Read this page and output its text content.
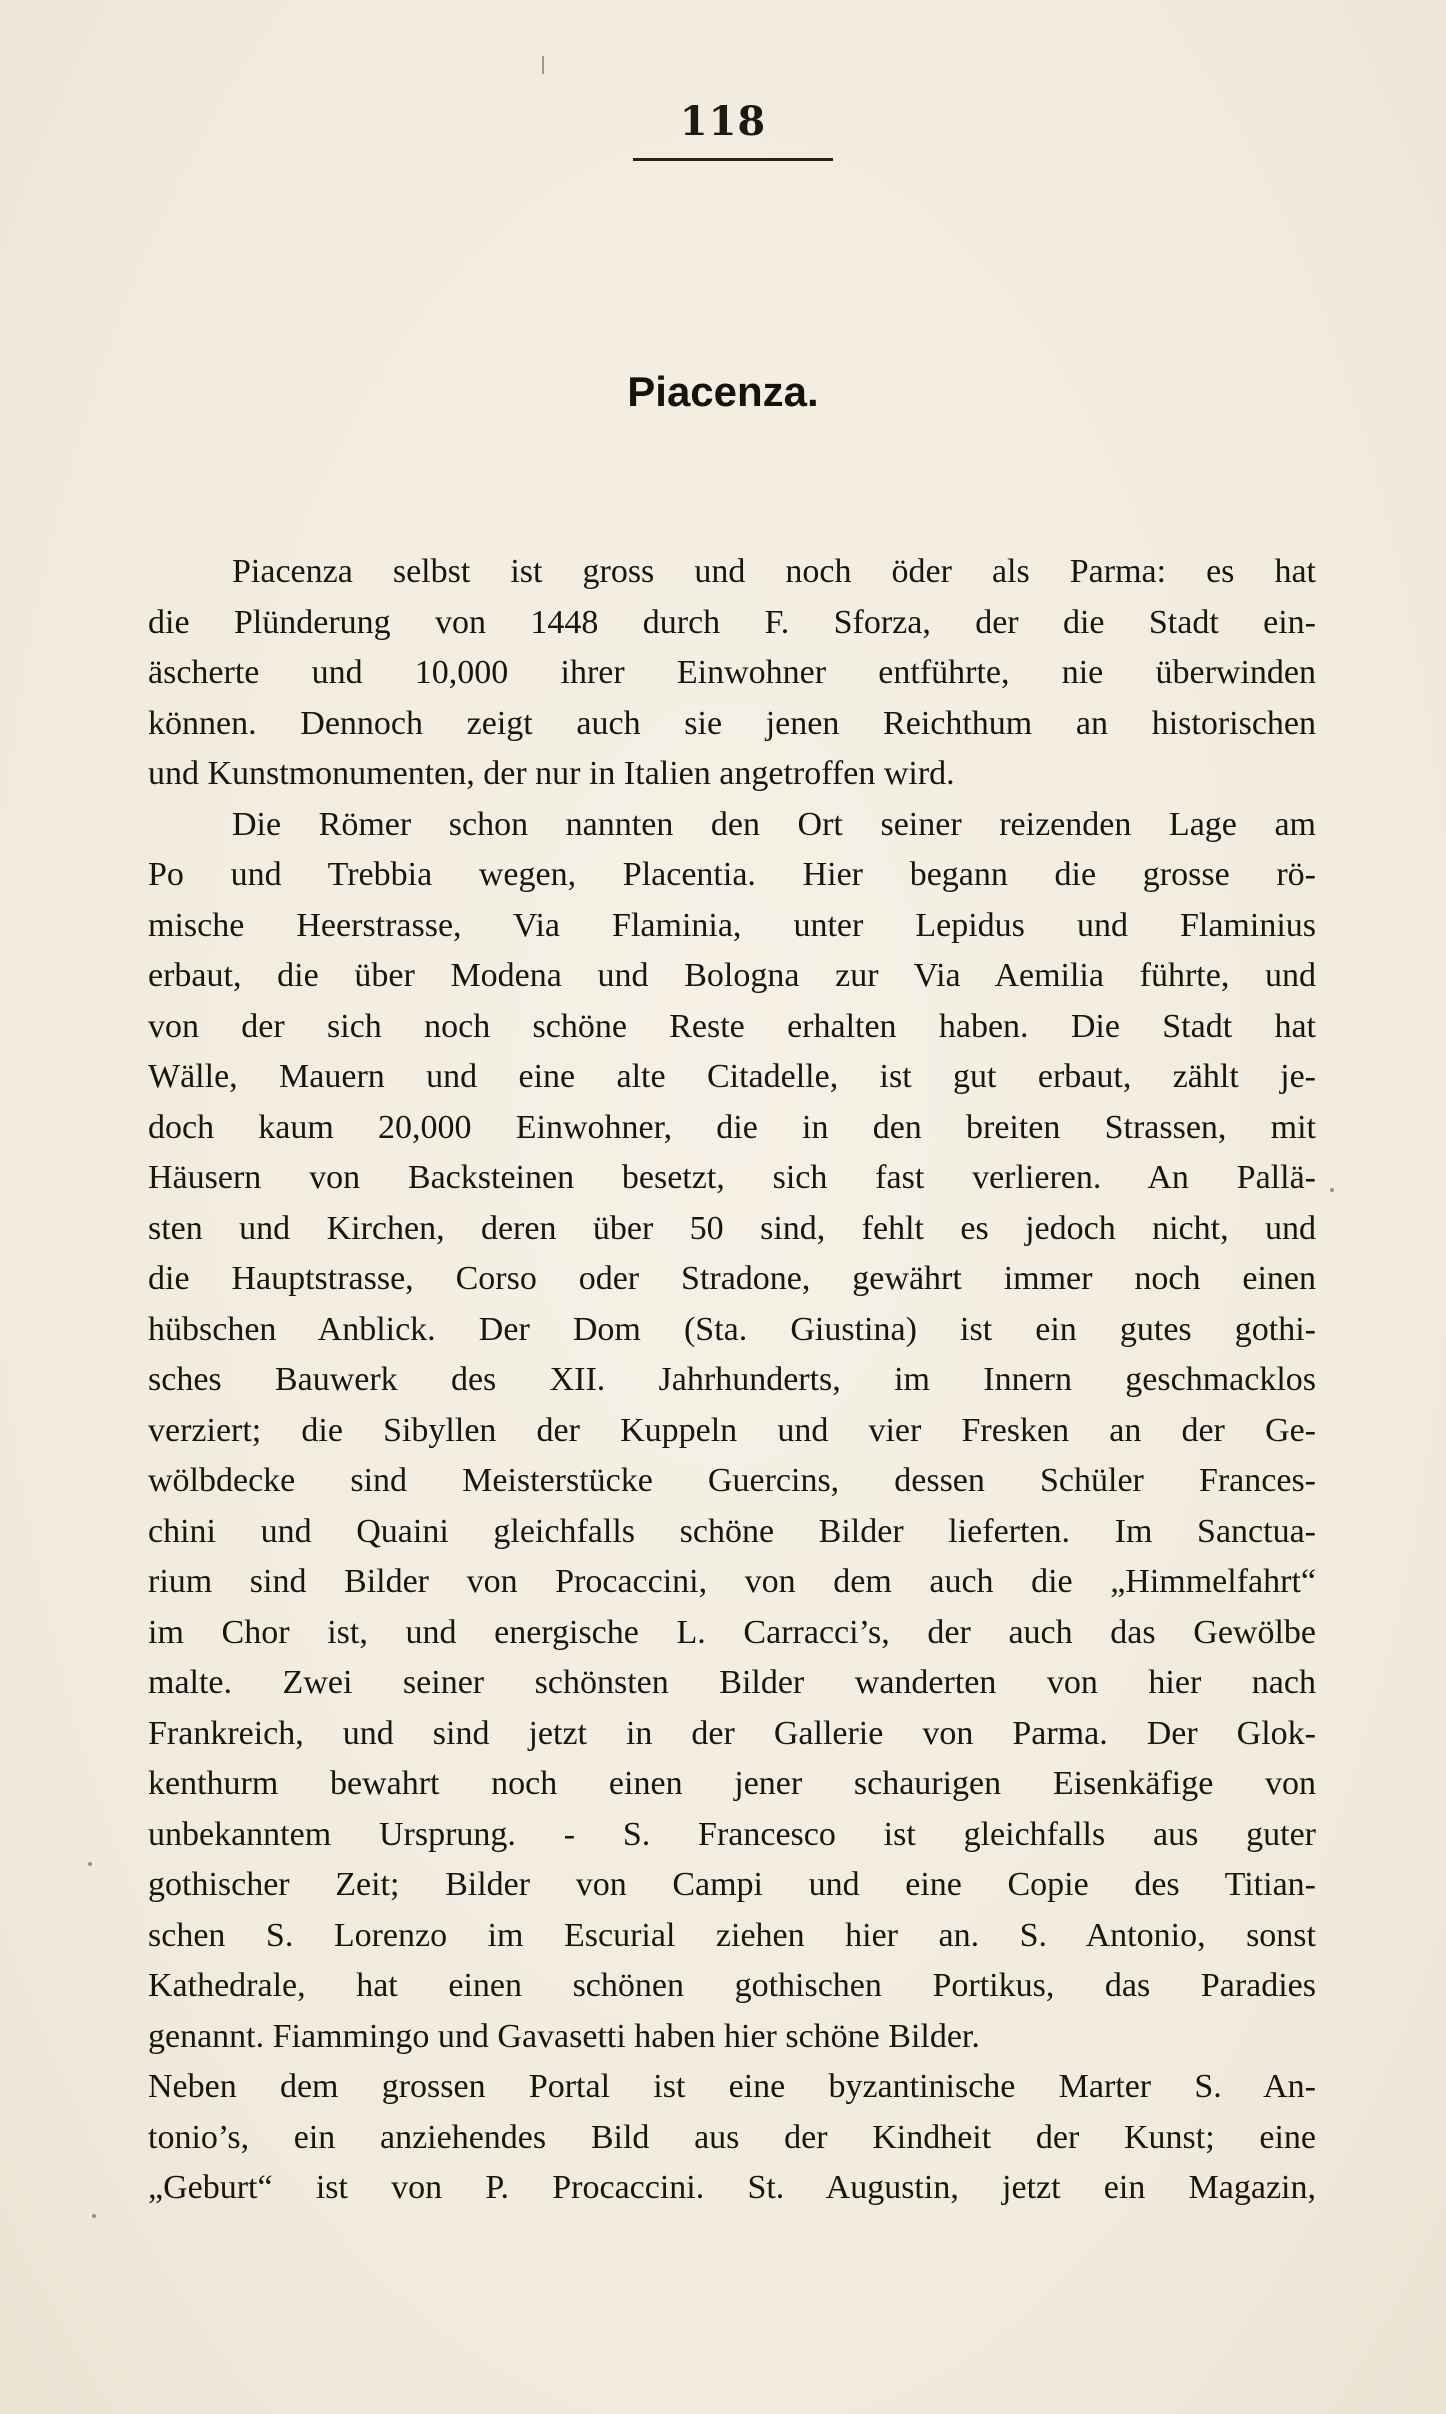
118
Piacenza.
Piacenza selbst ist gross und noch öder als Parma: es hat
die Plünderung von 1448 durch F. Sforza, der die Stadt ein-
äscherte und 10,000 ihrer Einwohner entführte, nie überwinden
können. Dennoch zeigt auch sie jenen Reichthum an historischen
und Kunstmonumenten, der nur in Italien angetroffen wird.
Die Römer schon nannten den Ort seiner reizenden Lage am
Po und Trebbia wegen, Placentia. Hier begann die grosse rö-
mische Heerstrasse, Via Flaminia, unter Lepidus und Flaminius
erbaut, die über Modena und Bologna zur Via Aemilia führte, und
von der sich noch schöne Reste erhalten haben. Die Stadt hat
Wälle, Mauern und eine alte Citadelle, ist gut erbaut, zählt je-
doch kaum 20,000 Einwohner, die in den breiten Strassen, mit
Häusern von Backsteinen besetzt, sich fast verlieren. An Pallä-
sten und Kirchen, deren über 50 sind, fehlt es jedoch nicht, und
die Hauptstrasse, Corso oder Stradone, gewährt immer noch einen
hübschen Anblick. Der Dom (Sta. Giustina) ist ein gutes gothi-
sches Bauwerk des XII. Jahrhunderts, im Innern geschmacklos
verziert; die Sibyllen der Kuppeln und vier Fresken an der Ge-
wölbdecke sind Meisterstücke Guercins, dessen Schüler Frances-
chini und Quaini gleichfalls schöne Bilder lieferten. Im Sanctua-
rium sind Bilder von Procaccini, von dem auch die „Himmelfahrt“
im Chor ist, und energische L. Carracci’s, der auch das Gewölbe
malte. Zwei seiner schönsten Bilder wanderten von hier nach
Frankreich, und sind jetzt in der Gallerie von Parma. Der Glok-
kenthurm bewahrt noch einen jener schaurigen Eisenkäfige von
unbekanntem Ursprung. - S. Francesco ist gleichfalls aus guter
gothischer Zeit; Bilder von Campi und eine Copie des Titian-
schen S. Lorenzo im Escurial ziehen hier an. S. Antonio, sonst
Kathedrale, hat einen schönen gothischen Portikus, das Paradies
genannt. Fiammingo und Gavasetti haben hier schöne Bilder.
Neben dem grossen Portal ist eine byzantinische Marter S. An-
tonio’s, ein anziehendes Bild aus der Kindheit der Kunst; eine
„Geburt“ ist von P. Procaccini. St. Augustin, jetzt ein Magazin,
